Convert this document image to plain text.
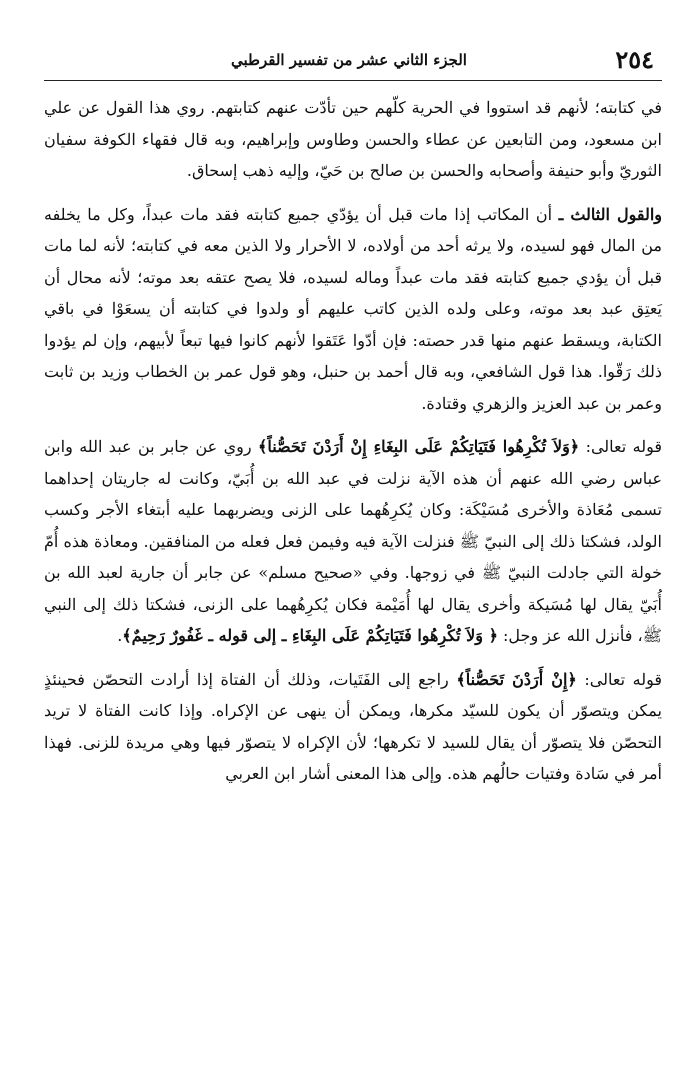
٢٥٤
الجزء الثاني عشر من تفسير القرطبي

في كتابته؛ لأنهم قد استووا في الحرية كلّهم حين تأدّت عنهم كتابتهم. روي هذا القول عن علي ابن مسعود، ومن التابعين عن عطاء والحسن وطاوس وإبراهيم، وبه قال فقهاء الكوفة سفيان الثوريّ وأبو حنيفة وأصحابه والحسن بن صالح بن حَيّ، وإليه ذهب إسحاق.

والقول الثالث ـ أن المكاتب إذا مات قبل أن يؤدّي جميع كتابته فقد مات عبداً، وكل ما يخلفه من المال فهو لسيده، ولا يرثه أحد من أولاده، لا الأحرار ولا الذين معه في كتابته؛ لأنه لما مات قبل أن يؤدي جميع كتابته فقد مات عبداً وماله لسيده، فلا يصح عتقه بعد موته؛ لأنه محال أن يَعتِق عبد بعد موته، وعلى ولده الذين كاتب عليهم أو ولدوا في كتابته أن يسعَوْا في باقي الكتابة، ويسقط عنهم منها قدر حصته: فإن أدّوا عَتَقوا لأنهم كانوا فيها تبعاً لأبيهم، وإن لم يؤدوا ذلك رَقّوا. هذا قول الشافعي، وبه قال أحمد بن حنبل، وهو قول عمر بن الخطاب وزيد بن ثابت وعمر بن عبد العزيز والزهري وقتادة.

قوله تعالى: ﴿وَلاَ تُكْرِهُوا فَتَيَاتِكُمْ عَلَى البِغَاءِ إِنْ أَرَدْنَ تَحَصُّناً﴾ روي عن جابر بن عبد الله وابن عباس رضي الله عنهم أن هذه الآية نزلت في عبد الله بن أُبَيّ، وكانت له جاريتان إحداهما تسمى مُعَاذة والأخرى مُسَيْكَة: وكان يُكرِهُهما على الزنى ويضربهما عليه أبتغاء الأجر وكسب الولد، فشكتا ذلك إلى النبيّ ﷺ فنزلت الآية فيه وفيمن فعل فعله من المنافقين. ومعاذة هذه أُمّ خولة التي جادلت النبيّ ﷺ في زوجها. وفي «صحيح مسلم» عن جابر أن جارية لعبد الله بن أُبَيّ يقال لها مُسَيكة وأخرى يقال لها أُمَيْمة فكان يُكرِهُهما على الزنى، فشكتا ذلك إلى النبي ﷺ، فأنزل الله عز وجل: ﴿ وَلاَ تُكْرِهُوا فَتَيَاتِكُمْ عَلَى البِغَاءِ ـ إلى قوله ـ غَفُورٌ رَحِيمٌ﴾.

قوله تعالى: ﴿إِنْ أَرَدْنَ تَحَصُّناً﴾ راجع إلى الفَتَيات، وذلك أن الفتاة إذا أرادت التحصّن فحينئذٍ يمكن ويتصوّر أن يكون للسيّد مكرها، ويمكن أن ينهى عن الإكراه. وإذا كانت الفتاة لا تريد التحصّن فلا يتصوّر أن يقال للسيد لا تكرهها؛ لأن الإكراه لا يتصوّر فيها وهي مريدة للزنى. فهذا أمر في سَادة وفتيات حالُهم هذه. وإلى هذا المعنى أشار ابن العربي
